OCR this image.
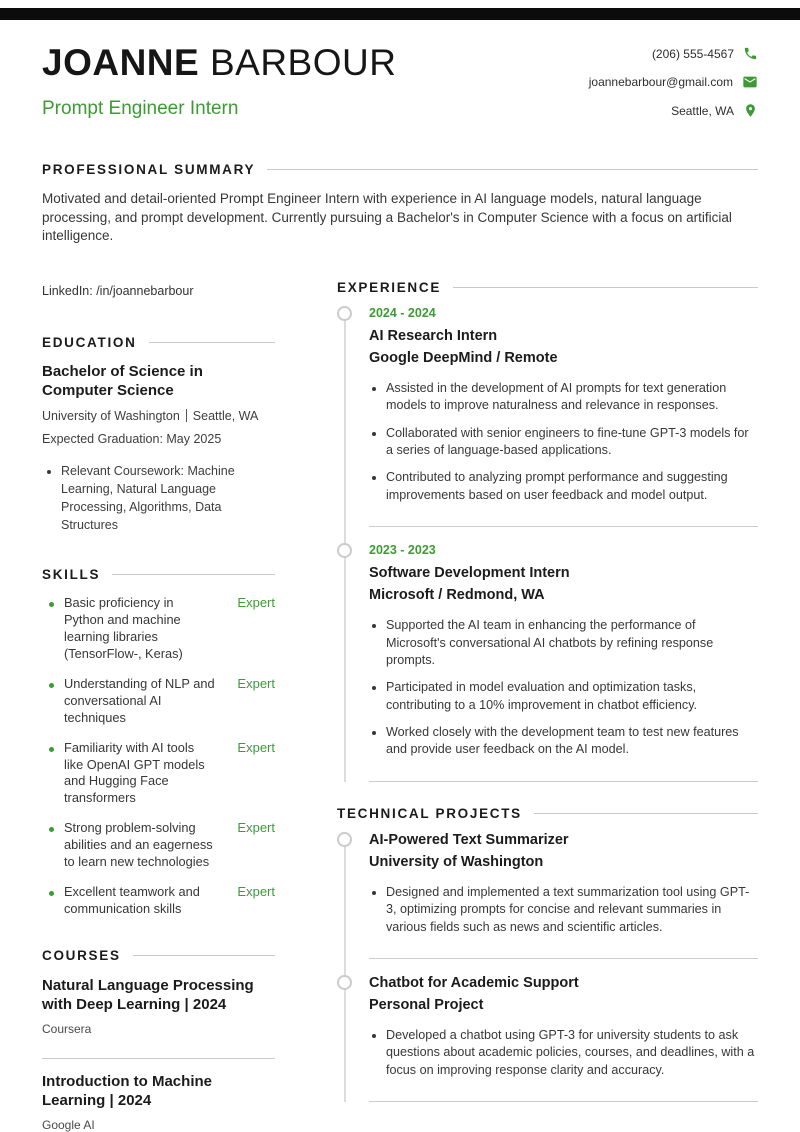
JOANNE BARBOUR
Prompt Engineer Intern
(206) 555-4567
joannebarbour@gmail.com
Seattle, WA
PROFESSIONAL SUMMARY

Motivated and detail-oriented Prompt Engineer Intern with experience in AI language models, natural language processing, and prompt development. Currently pursuing a Bachelor's in Computer Science with a focus on artificial intelligence.

LinkedIn: /in/joannebarbour
EDUCATION
Bachelor of Science in Computer Science
University of Washington Seattle, WA
Expected Graduation: May 2025
• Relevant Coursework: Machine Learning, Natural Language Processing, Algorithms, Data Structures
SKILLS
Basic proficiency in Python and machine learning libraries (TensorFlow-, Keras)
Expert
Understanding of NLP and conversational AI techniques
Expert
Familiarity with AI tools like OpenAI GPT models and Hugging Face transformers
Expert
Strong problem-solving abilities and an eagerness to learn new technologies
Expert
Excellent teamwork and communication skills
Expert
COURSES
Natural Language Processing with Deep Learning | 2024
Coursera
Introduction to Machine Learning | 2024
Google AI
EXPERIENCE
2024 - 2024
AI Research Intern
Google DeepMind / Remote
• Assisted in the development of AI prompts for text generation models to improve naturalness and relevance in responses.
• Collaborated with senior engineers to fine-tune GPT-3 models for a series of language-based applications.
• Contributed to analyzing prompt performance and suggesting improvements based on user feedback and model output.
2023 - 2023
Software Development Intern
Microsoft / Redmond, WA
• Supported the AI team in enhancing the performance of Microsoft's conversational AI chatbots by refining response prompts.
• Participated in model evaluation and optimization tasks, contributing to a 10% improvement in chatbot efficiency.
• Worked closely with the development team to test new features and provide user feedback on the AI model.
TECHNICAL PROJECTS
AI-Powered Text Summarizer
University of Washington
• Designed and implemented a text summarization tool using GPT-3, optimizing prompts for concise and relevant summaries in various fields such as news and scientific articles.
Chatbot for Academic Support
Personal Project
• Developed a chatbot using GPT-3 for university students to ask questions about academic policies, courses, and deadlines, with a focus on improving response clarity and accuracy.
